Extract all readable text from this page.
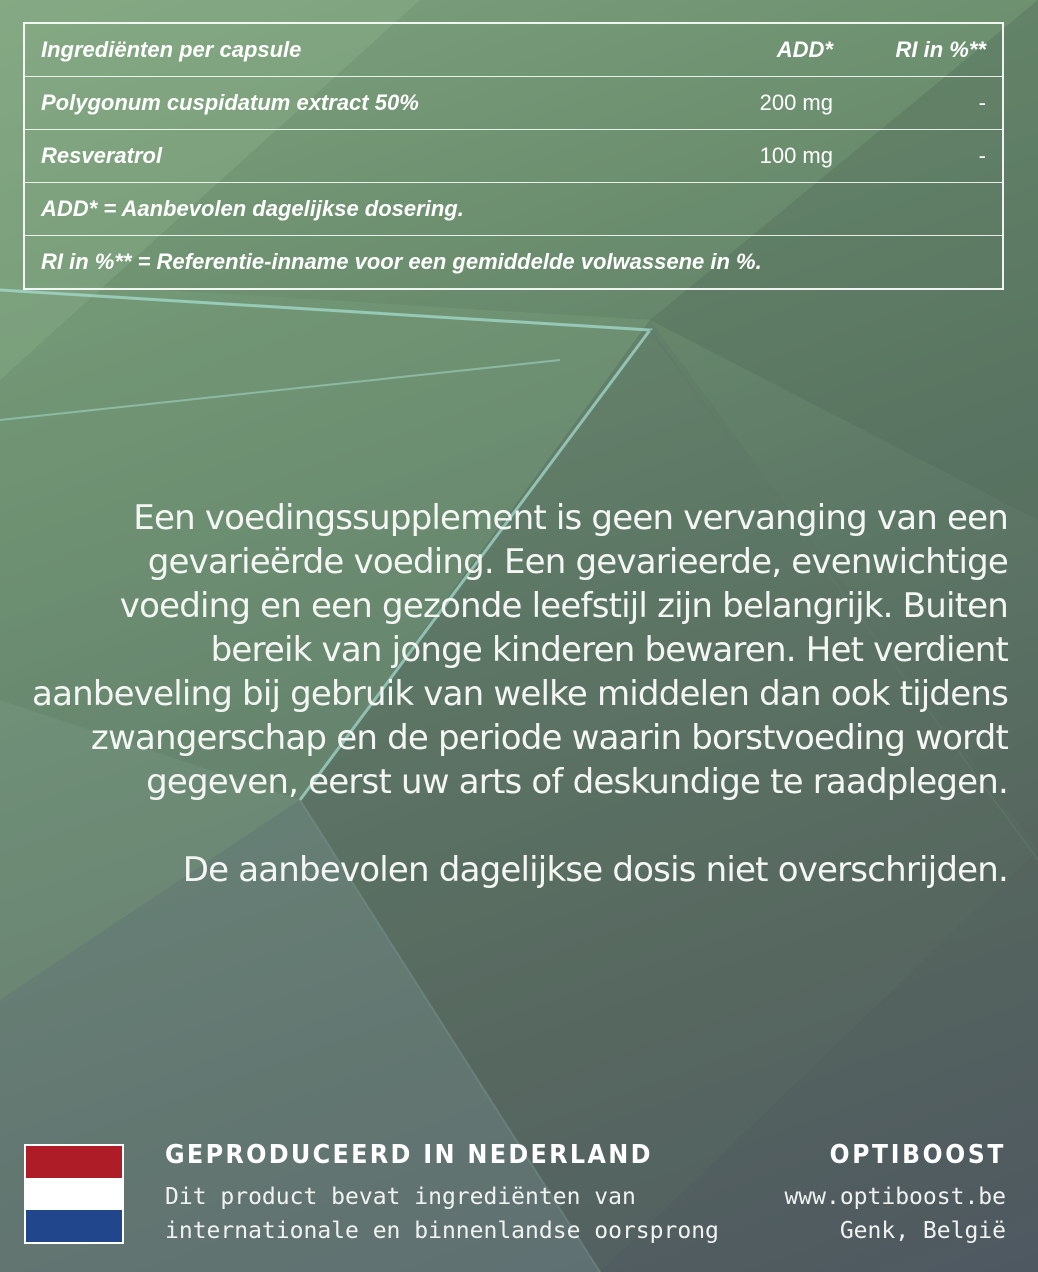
Ingrediënten per capsule	ADD*	RI in %**
Polygonum cuspidatum extract 50%	200 mg	-
Resveratrol	100 mg	-
ADD* = Aanbevolen dagelijkse dosering.		
RI in %** = Referentie-inname voor een gemiddelde volwassene in %.		

Een voedingssupplement is geen vervanging van een gevarieërde voeding. Een gevarieerde, evenwichtige voeding en een gezonde leefstijl zijn belangrijk. Buiten bereik van jonge kinderen bewaren. Het verdient aanbeveling bij gebruik van welke middelen dan ook tijdens zwangerschap en de periode waarin borstvoeding wordt gegeven, eerst uw arts of deskundige te raadplegen.

De aanbevolen dagelijkse dosis niet overschrijden.

GEPRODUCEERD IN NEDERLAND
Dit product bevat ingrediënten van
internationale en binnenlandse oorsprong
OPTIBOOST
www.optiboost.be
Genk, België
